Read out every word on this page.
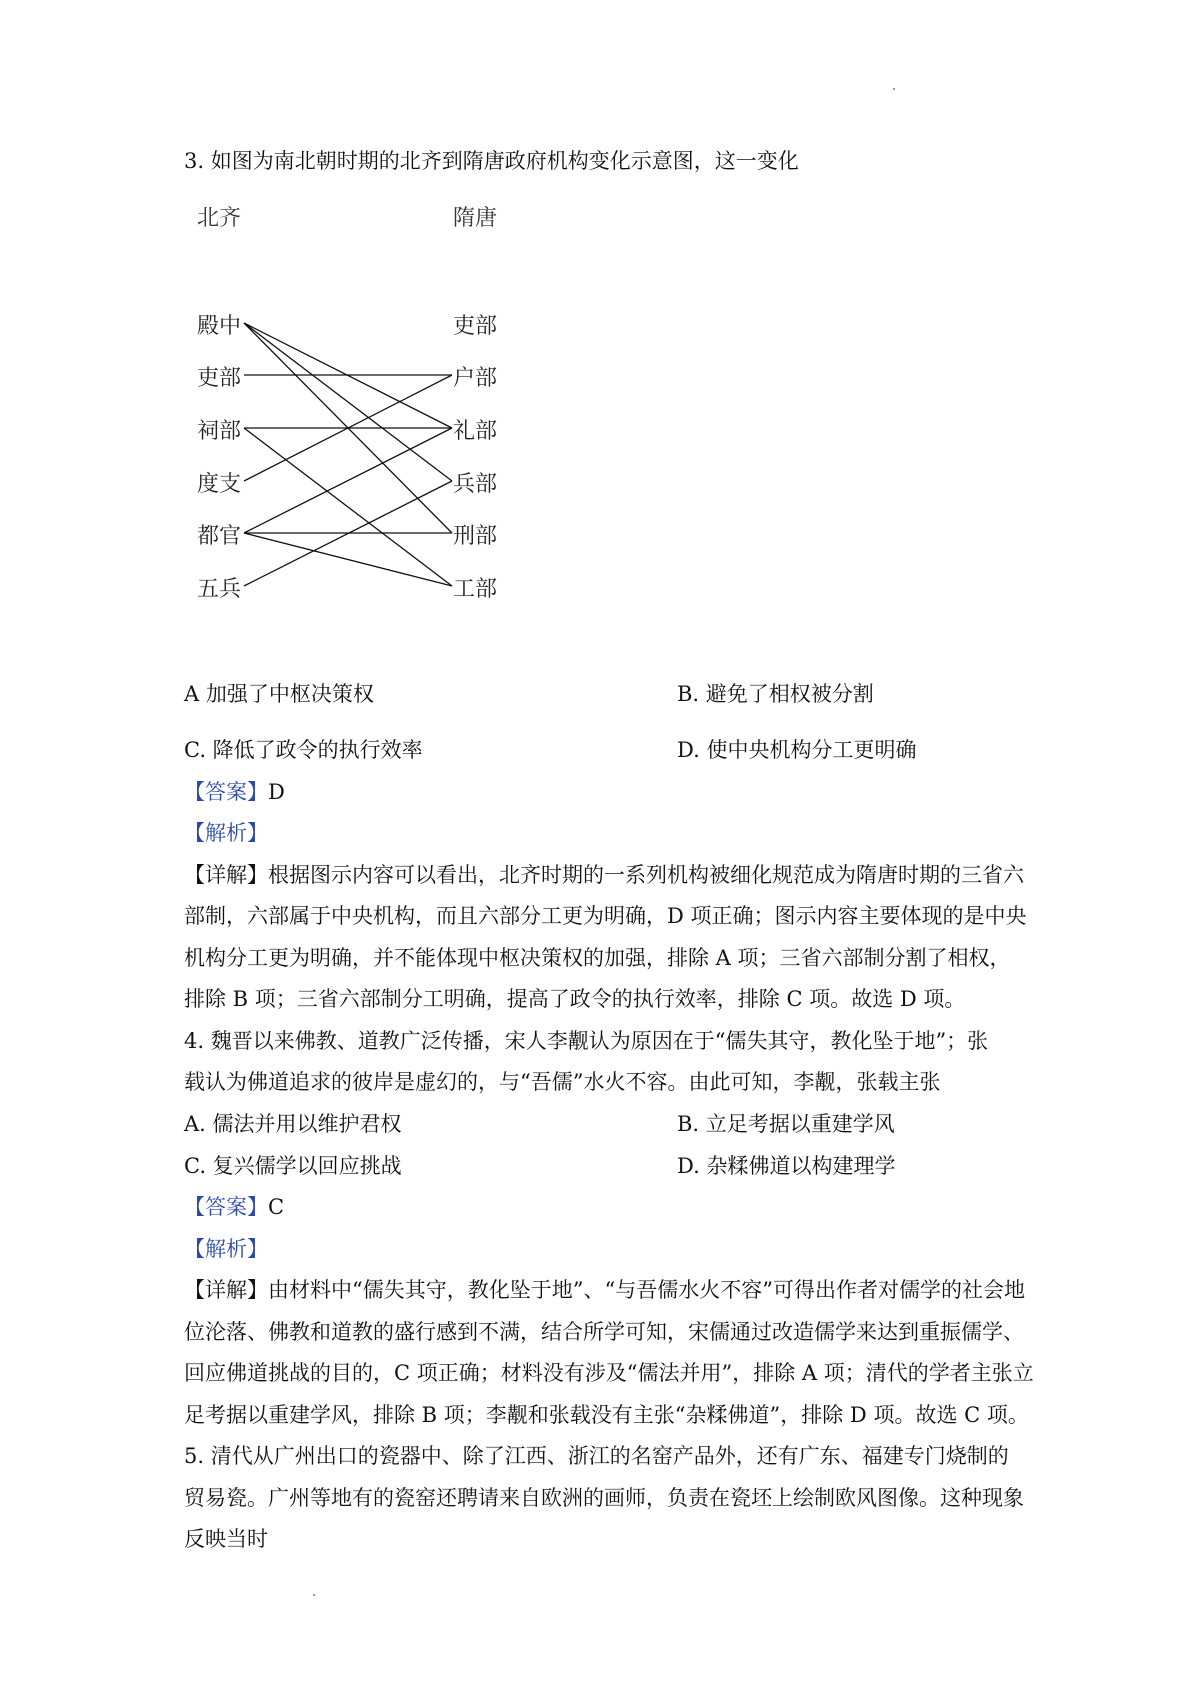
3. 如图为南北朝时期的北齐到隋唐政府机构变化示意图，这一变化
北齐	隋唐
殿中
吏部
祠部
度支
都官
五兵
吏部
户部
礼部
兵部
刑部
工部
A 加强了中枢决策权	B. 避免了相权被分割
C. 降低了政令的执行效率	D. 使中央机构分工更明确
【答案】D
【解析】
【详解】根据图示内容可以看出，北齐时期的一系列机构被细化规范成为隋唐时期的三省六
部制，六部属于中央机构，而且六部分工更为明确，D 项正确；图示内容主要体现的是中央
机构分工更为明确，并不能体现中枢决策权的加强，排除 A 项；三省六部制分割了相权，
排除 B 项；三省六部制分工明确，提高了政令的执行效率，排除 C 项。故选 D 项。
4. 魏晋以来佛教、道教广泛传播，宋人李觏认为原因在于“儒失其守，教化坠于地”；张
载认为佛道追求的彼岸是虚幻的，与“吾儒”水火不容。由此可知，李觏，张载主张
A. 儒法并用以维护君权	B. 立足考据以重建学风
C. 复兴儒学以回应挑战	D. 杂糅佛道以构建理学
【答案】C
【解析】
【详解】由材料中“儒失其守，教化坠于地”、“与吾儒水火不容”可得出作者对儒学的社会地
位沦落、佛教和道教的盛行感到不满，结合所学可知，宋儒通过改造儒学来达到重振儒学、
回应佛道挑战的目的，C 项正确；材料没有涉及“儒法并用”，排除 A 项；清代的学者主张立
足考据以重建学风，排除 B 项；李觏和张载没有主张“杂糅佛道”，排除 D 项。故选 C 项。
5. 清代从广州出口的瓷器中、除了江西、浙江的名窑产品外，还有广东、福建专门烧制的
贸易瓷。广州等地有的瓷窑还聘请来自欧洲的画师，负责在瓷坯上绘制欧风图像。这种现象
反映当时
